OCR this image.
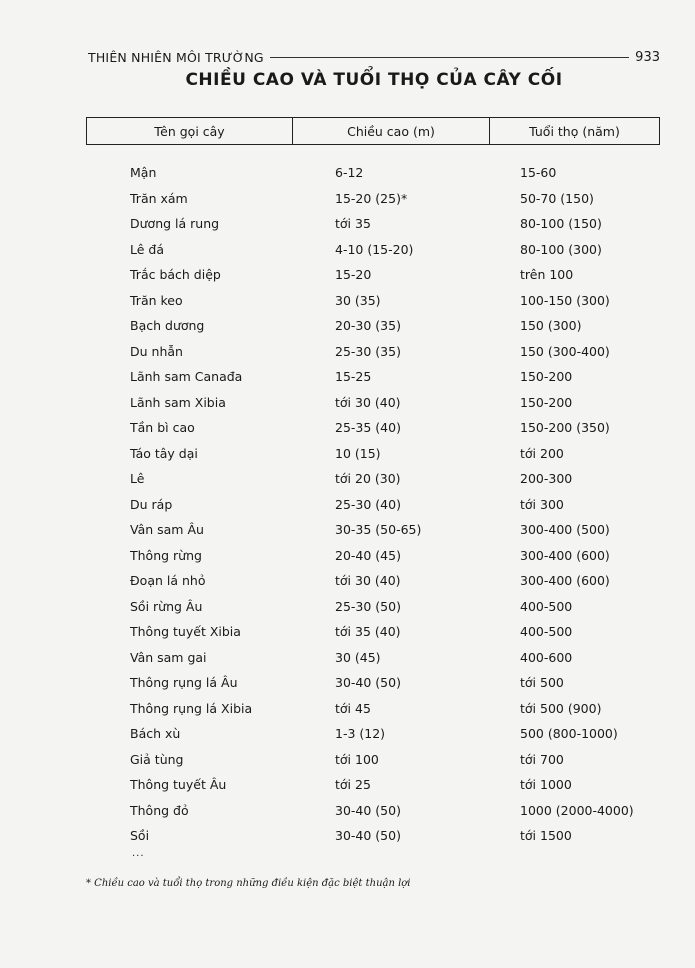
THIÊN NHIÊN MÔI TRƯỜNG	933
CHIỀU CAO VÀ TUỔI THỌ CỦA CÂY CỐI
Tên gọi cây	Chiều cao (m)	Tuổi thọ (năm)
Mận	6-12	15-60
Trăn xám	15-20 (25)*	50-70 (150)
Dương lá rung	tới 35	80-100 (150)
Lê đá	4-10 (15-20)	80-100 (300)
Trắc bách diệp	15-20	trên 100
Trăn keo	30 (35)	100-150 (300)
Bạch dương	20-30 (35)	150 (300)
Du nhẫn	25-30 (35)	150 (300-400)
Lãnh sam Canađa	15-25	150-200
Lãnh sam Xibia	tới 30 (40)	150-200
Tần bì cao	25-35 (40)	150-200 (350)
Táo tây dại	10 (15)	tới 200
Lê	tới 20 (30)	200-300
Du ráp	25-30 (40)	tới 300
Vân sam Âu	30-35 (50-65)	300-400 (500)
Thông rừng	20-40 (45)	300-400 (600)
Đoạn lá nhỏ	tới 30 (40)	300-400 (600)
Sồi rừng Âu	25-30 (50)	400-500
Thông tuyết Xibia	tới 35 (40)	400-500
Vân sam gai	30 (45)	400-600
Thông rụng lá Âu	30-40 (50)	tới 500
Thông rụng lá Xibia	tới 45	tới 500 (900)
Bách xù	1-3 (12)	500 (800-1000)
Giả tùng	tới 100	tới 700
Thông tuyết Âu	tới 25	tới 1000
Thông đỏ	30-40 (50)	1000 (2000-4000)
Sồi	30-40 (50)	tới 1500
...
* Chiều cao và tuổi thọ trong những điều kiện đặc biệt thuận lợi
